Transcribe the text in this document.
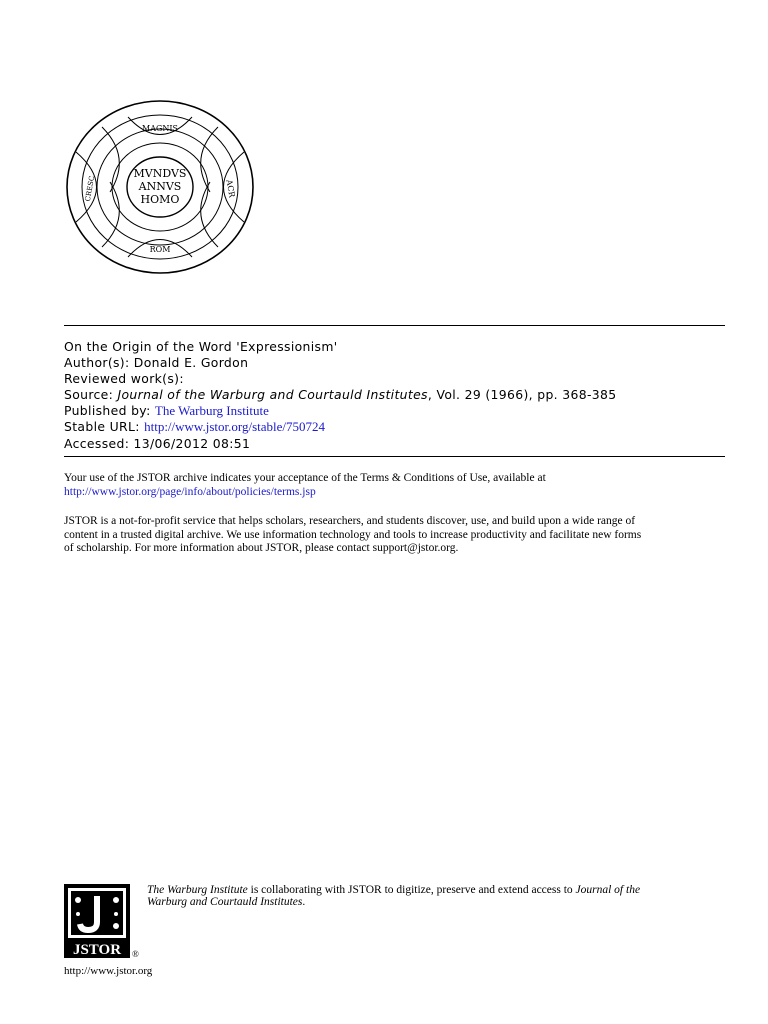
MAGNIS
MVNDVS
ANNVS
HOMO
CRESC	ACR
ROM
On the Origin of the Word 'Expressionism'
Author(s): Donald E. Gordon
Reviewed work(s):
Source: Journal of the Warburg and Courtauld Institutes, Vol. 29 (1966), pp. 368-385
Published by: The Warburg Institute
Stable URL: http://www.jstor.org/stable/750724
Accessed: 13/06/2012 08:51
Your use of the JSTOR archive indicates your acceptance of the Terms & Conditions of Use, available at
http://www.jstor.org/page/info/about/policies/terms.jsp
JSTOR is a not-for-profit service that helps scholars, researchers, and students discover, use, and build upon a wide range of
content in a trusted digital archive. We use information technology and tools to increase productivity and facilitate new forms
of scholarship. For more information about JSTOR, please contact support@jstor.org.
JSTOR ®
http://www.jstor.org
The Warburg Institute is collaborating with JSTOR to digitize, preserve and extend access to Journal of the
Warburg and Courtauld Institutes.
